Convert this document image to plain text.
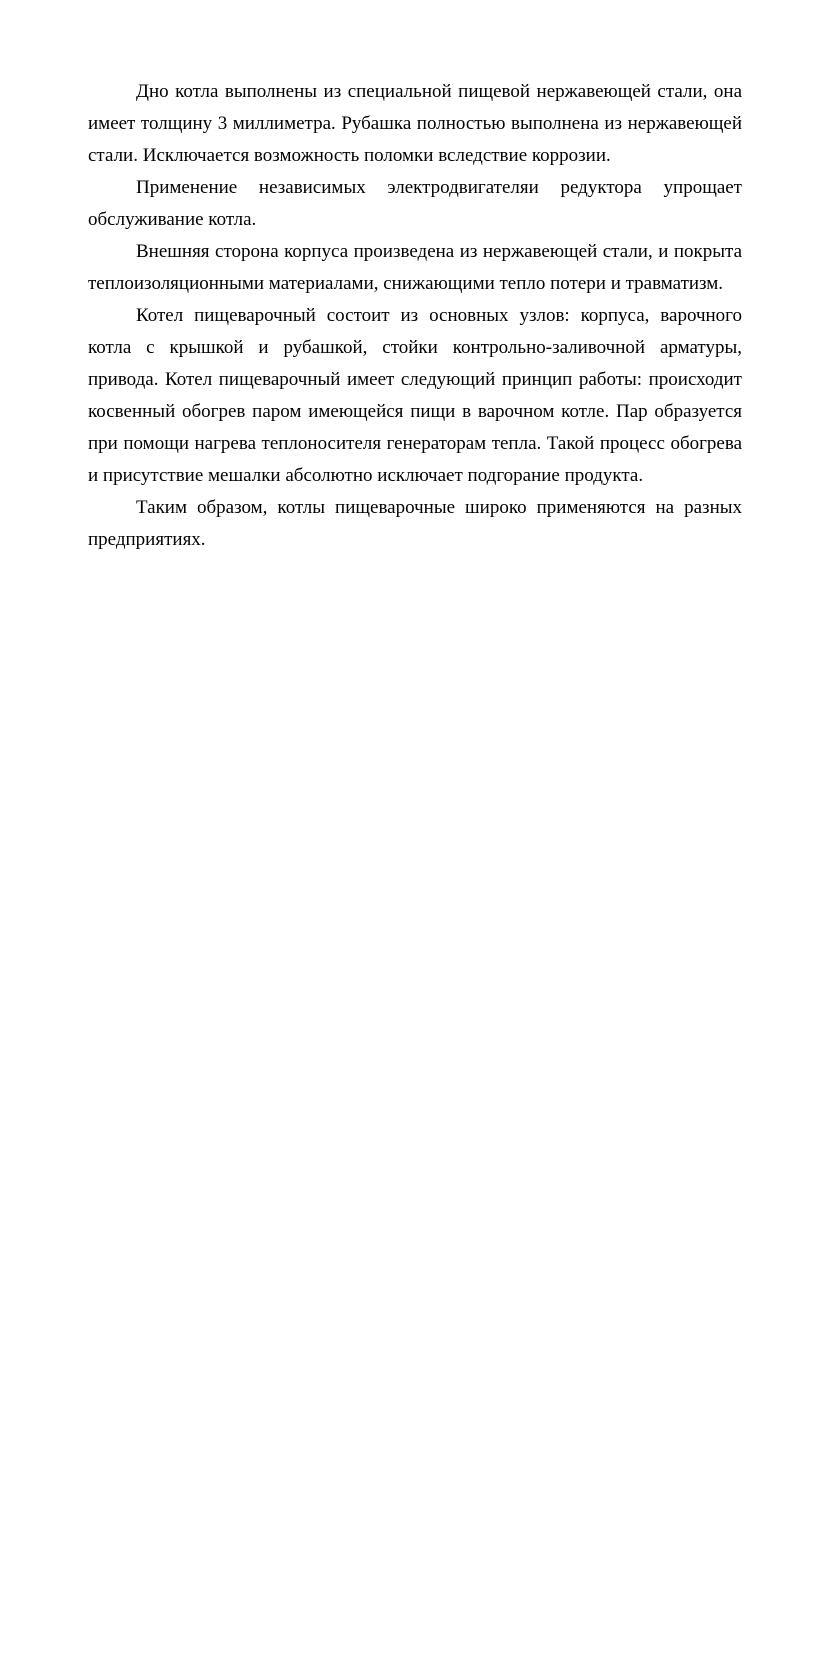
Дно котла выполнены из специальной пищевой нержавеющей стали, она имеет толщину 3 миллиметра. Рубашка полностью выполнена из нержавеющей стали. Исключается возможность поломки вследствие коррозии.

Применение независимых электродвигателяи редуктора упрощает обслуживание котла.

Внешняя сторона корпуса произведена из нержавеющей стали, и покрыта теплоизоляционными материалами, снижающими тепло потери и травматизм.

Котел пищеварочный состоит из основных узлов: корпуса, варочного котла с крышкой и рубашкой, стойки контрольно-заливочной арматуры, привода. Котел пищеварочный имеет следующий принцип работы: происходит косвенный обогрев паром имеющейся пищи в варочном котле. Пар образуется при помощи нагрева теплоносителя генераторам тепла. Такой процесс обогрева и присутствие мешалки абсолютно исключает подгорание продукта.

Таким образом, котлы пищеварочные широко применяются на разных предприятиях.
